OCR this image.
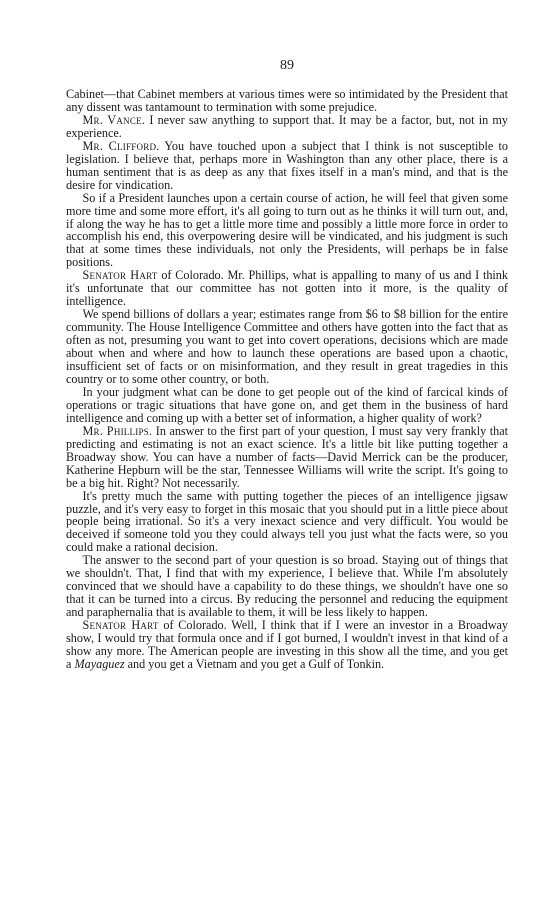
89

Cabinet—that Cabinet members at various times were so intimidated by the President that any dissent was tantamount to termination with some prejudice.

Mr. Vance. I never saw anything to support that. It may be a factor, but, not in my experience.

Mr. Clifford. You have touched upon a subject that I think is not susceptible to legislation. I believe that, perhaps more in Washington than any other place, there is a human sentiment that is as deep as any that fixes itself in a man's mind, and that is the desire for vindication.

So if a President launches upon a certain course of action, he will feel that given some more time and some more effort, it's all going to turn out as he thinks it will turn out, and, if along the way he has to get a little more time and possibly a little more force in order to accomplish his end, this overpowering desire will be vindicated, and his judgment is such that at some times these individuals, not only the Presidents, will perhaps be in false positions.

Senator Hart of Colorado. Mr. Phillips, what is appalling to many of us and I think it's unfortunate that our committee has not gotten into it more, is the quality of intelligence.

We spend billions of dollars a year; estimates range from $6 to $8 billion for the entire community. The House Intelligence Committee and others have gotten into the fact that as often as not, presuming you want to get into covert operations, decisions which are made about when and where and how to launch these operations are based upon a chaotic, insufficient set of facts or on misinformation, and they result in great tragedies in this country or to some other country, or both.

In your judgment what can be done to get people out of the kind of farcical kinds of operations or tragic situations that have gone on, and get them in the business of hard intelligence and coming up with a better set of information, a higher quality of work?

Mr. Phillips. In answer to the first part of your question, I must say very frankly that predicting and estimating is not an exact science. It's a little bit like putting together a Broadway show. You can have a number of facts—David Merrick can be the producer, Katherine Hepburn will be the star, Tennessee Williams will write the script. It's going to be a big hit. Right? Not necessarily.

It's pretty much the same with putting together the pieces of an intelligence jigsaw puzzle, and it's very easy to forget in this mosaic that you should put in a little piece about people being irrational. So it's a very inexact science and very difficult. You would be deceived if someone told you they could always tell you just what the facts were, so you could make a rational decision.

The answer to the second part of your question is so broad. Staying out of things that we shouldn't. That, I find that with my experience, I believe that. While I'm absolutely convinced that we should have a capability to do these things, we shouldn't have one so that it can be turned into a circus. By reducing the personnel and reducing the equipment and paraphernalia that is available to them, it will be less likely to happen.

Senator Hart of Colorado. Well, I think that if I were an investor in a Broadway show, I would try that formula once and if I got burned, I wouldn't invest in that kind of a show any more. The American people are investing in this show all the time, and you get a Mayaguez and you get a Vietnam and you get a Gulf of Tonkin.
